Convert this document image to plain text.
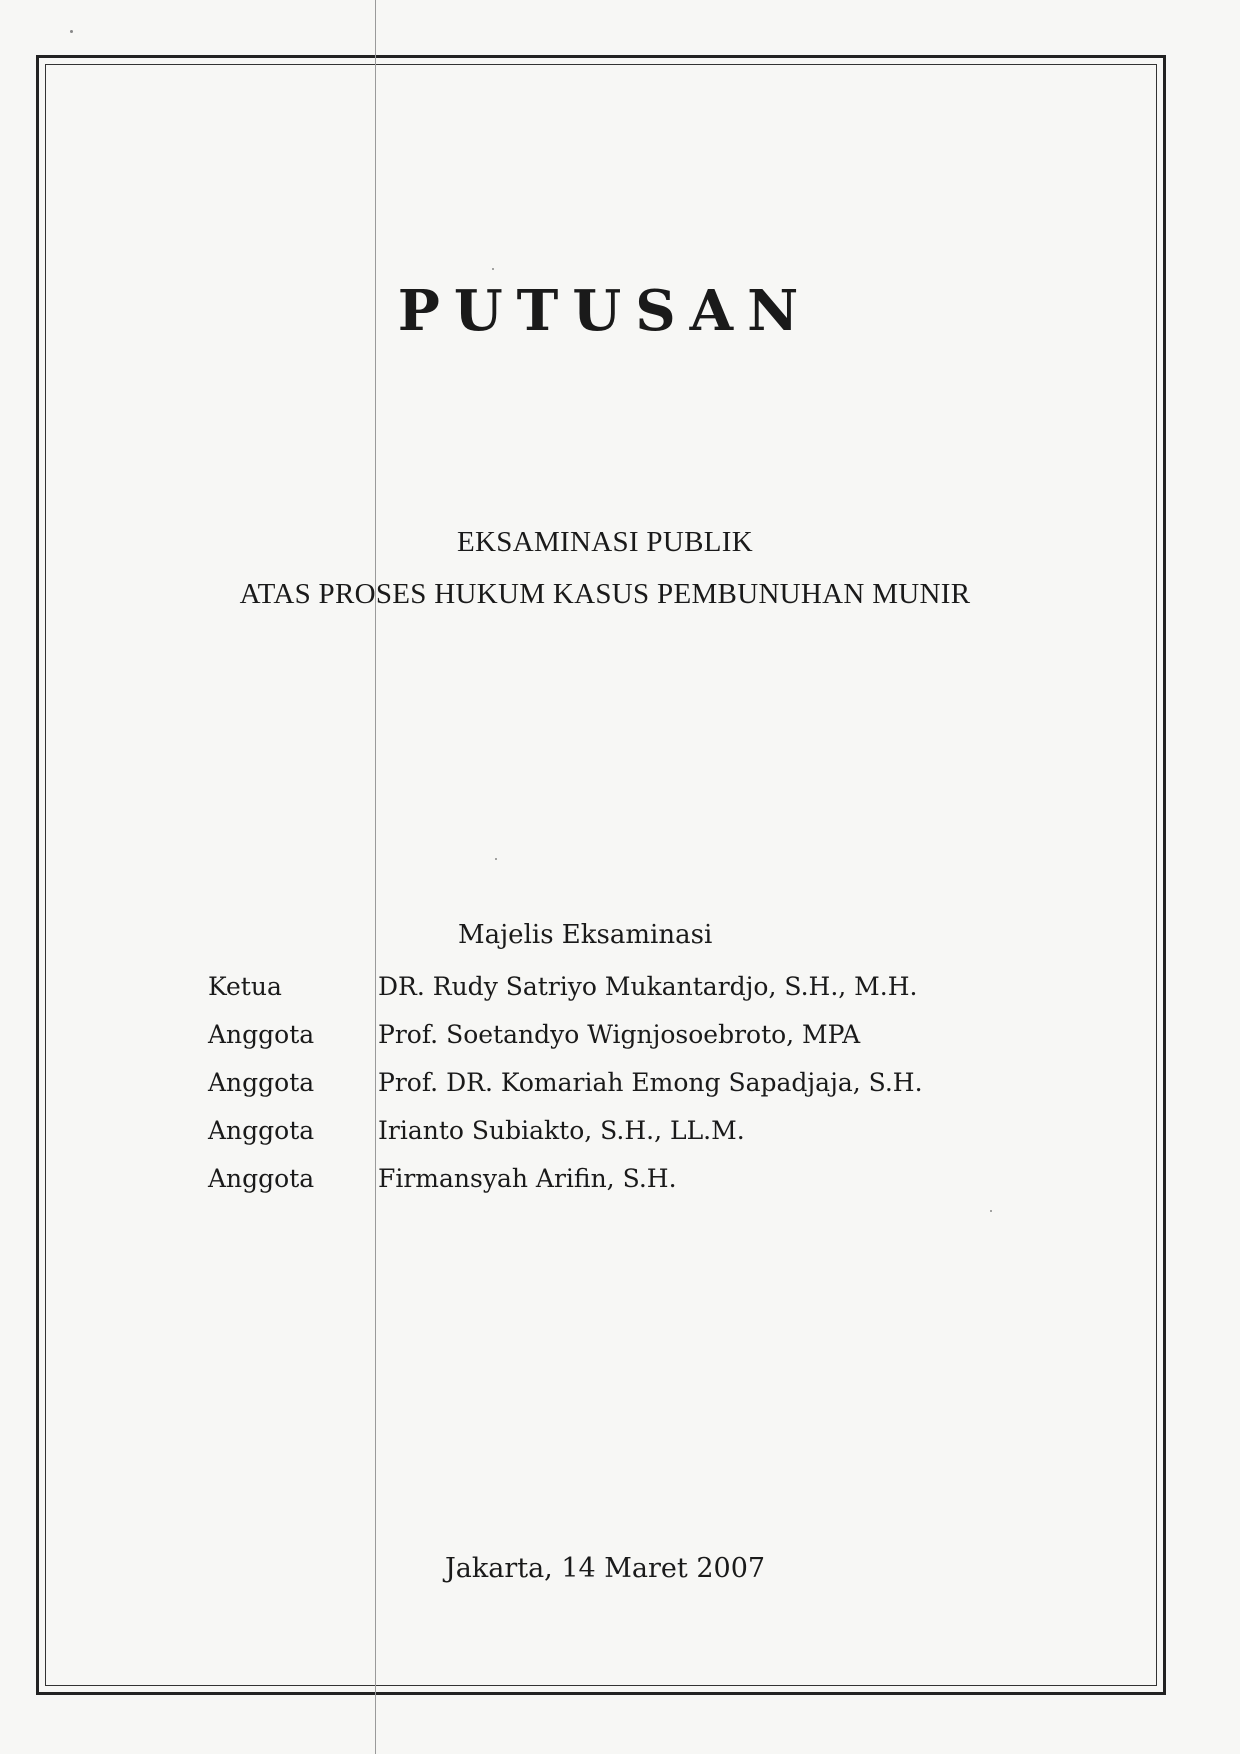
PUTUSAN
EKSAMINASI PUBLIK
ATAS PROSES HUKUM KASUS PEMBUNUHAN MUNIR
Majelis Eksaminasi
Ketua	DR. Rudy Satriyo Mukantardjo, S.H., M.H.
Anggota	Prof. Soetandyo Wignjosoebroto, MPA
Anggota	Prof. DR. Komariah Emong Sapadjaja, S.H.
Anggota	Irianto Subiakto, S.H., LL.M.
Anggota	Firmansyah Arifin, S.H.
Jakarta, 14 Maret 2007
